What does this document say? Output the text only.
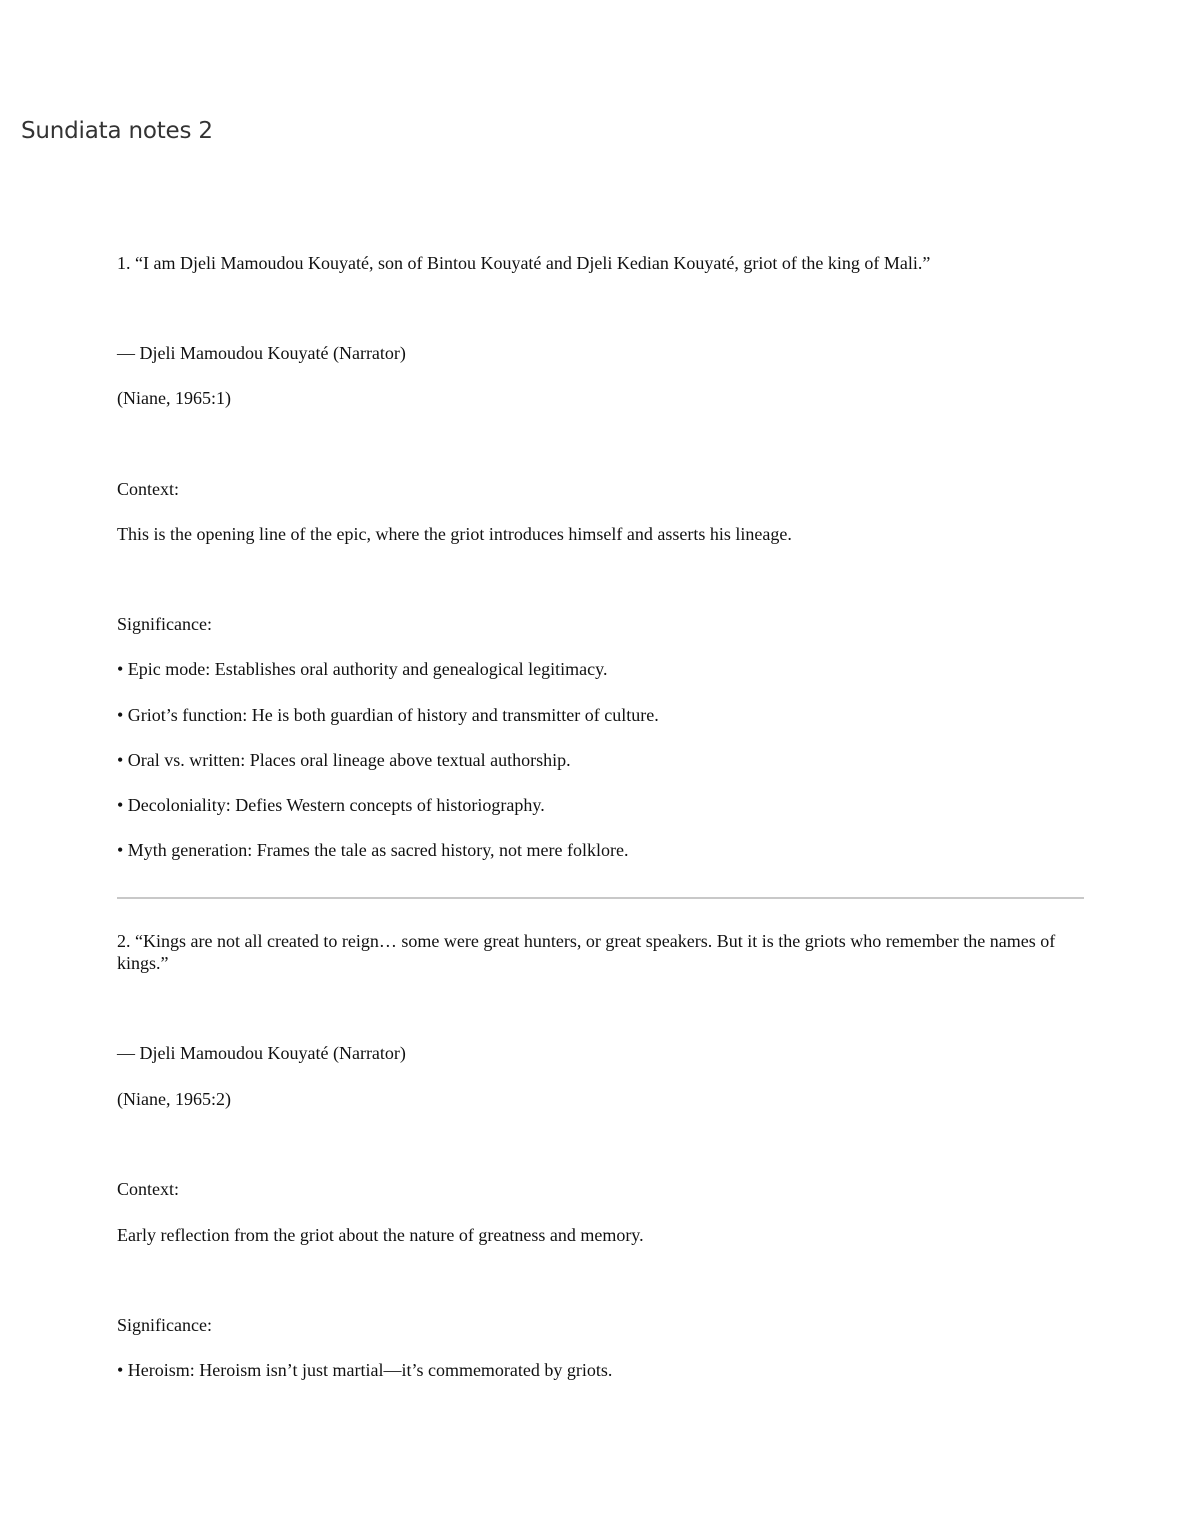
Sundiata notes 2

1. “I am Djeli Mamoudou Kouyaté, son of Bintou Kouyaté and Djeli Kedian Kouyaté, griot of the king of Mali.”

— Djeli Mamoudou Kouyaté (Narrator)

(Niane, 1965:1)

Context:

This is the opening line of the epic, where the griot introduces himself and asserts his lineage.

Significance:

• Epic mode: Establishes oral authority and genealogical legitimacy.

• Griot’s function: He is both guardian of history and transmitter of culture.

• Oral vs. written: Places oral lineage above textual authorship.

• Decoloniality: Defies Western concepts of historiography.

• Myth generation: Frames the tale as sacred history, not mere folklore.

2. “Kings are not all created to reign… some were great hunters, or great speakers. But it is the griots who remember the names of kings.”

— Djeli Mamoudou Kouyaté (Narrator)

(Niane, 1965:2)

Context:

Early reflection from the griot about the nature of greatness and memory.

Significance:

• Heroism: Heroism isn’t just martial—it’s commemorated by griots.
